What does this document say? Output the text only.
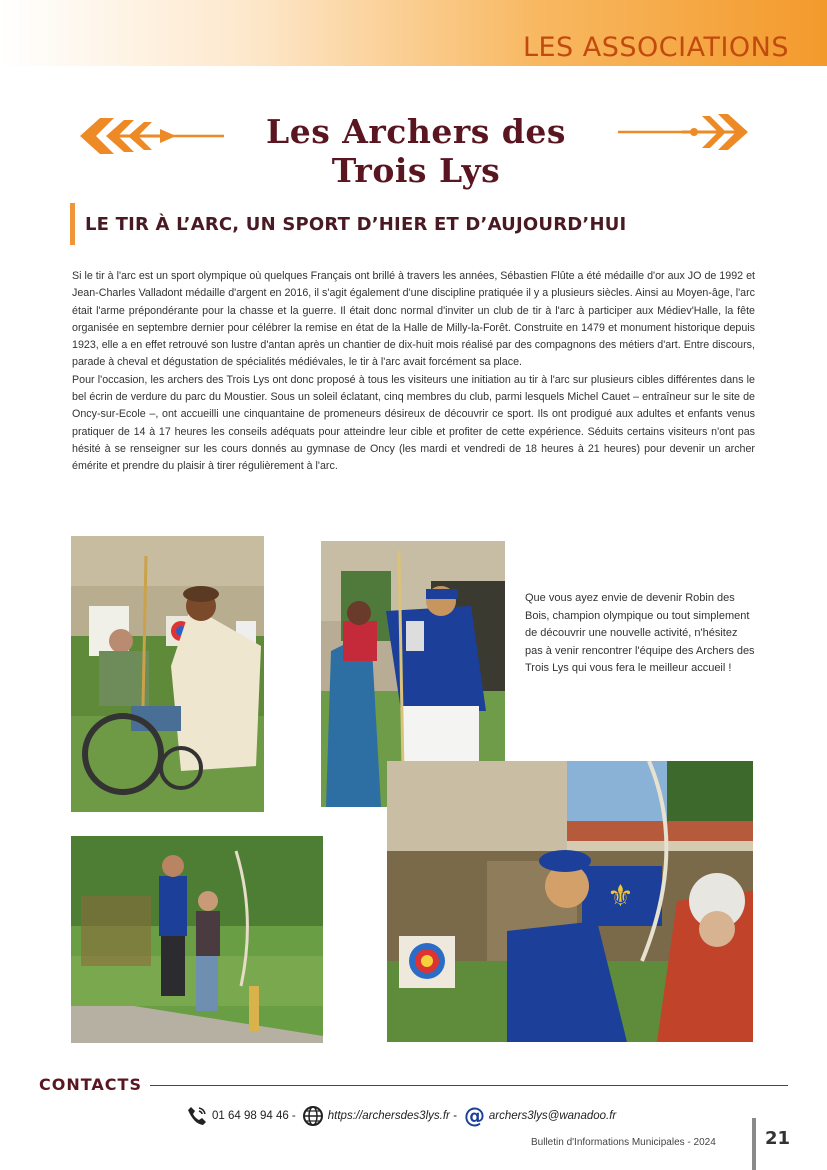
LES ASSOCIATIONS
Les Archers des Trois Lys
LE TIR À L’ARC, UN SPORT D’HIER ET D’AUJOURD’HUI

Si le tir à l'arc est un sport olympique où quelques Français ont brillé à travers les années, Sébastien Flûte a été médaille d'or aux JO de 1992 et Jean-Charles Valladont médaille d'argent en 2016, il s'agit également d'une discipline pratiquée il y a plusieurs siècles. Ainsi au Moyen-âge, l'arc était l'arme prépondérante pour la chasse et la guerre. Il était donc normal d'inviter un club de tir à l'arc à participer aux Médiev'Halle, la fête organisée en septembre dernier pour célébrer la remise en état de la Halle de Milly-la-Forêt. Construite en 1479 et monument historique depuis 1923, elle a en effet retrouvé son lustre d'antan après un chantier de dix-huit mois réalisé par des compagnons des métiers d'art. Entre discours, parade à cheval et dégustation de spécialités médiévales, le tir à l'arc avait forcément sa place.

Pour l'occasion, les archers des Trois Lys ont donc proposé à tous les visiteurs une initiation au tir à l'arc sur plusieurs cibles différentes dans le bel écrin de verdure du parc du Moustier. Sous un soleil éclatant, cinq membres du club, parmi lesquels Michel Cauet – entraîneur sur le site de Oncy-sur-Ecole –, ont accueilli une cinquantaine de promeneurs désireux de découvrir ce sport. Ils ont prodigué aux adultes et enfants venus pratiquer de 14 à 17 heures les conseils adéquats pour atteindre leur cible et profiter de cette expérience. Séduits certains visiteurs n'ont pas hésité à se renseigner sur les cours donnés au gymnase de Oncy (les mardi et vendredi de 18 heures à 21 heures) pour devenir un archer émérite et prendre du plaisir à tirer régulièrement à l'arc.

Que vous ayez envie de devenir Robin des Bois, champion olympique ou tout simplement de découvrir une nouvelle activité, n'hésitez pas à venir rencontrer l'équipe des Archers des Trois Lys qui vous fera le meilleur accueil !
⚜
CONTACTS
01 64 98 94 46 -	https://archersdes3lys.fr - @ archers3lys@wanadoo.fr
Bulletin d'Informations Municipales - 2024	21
